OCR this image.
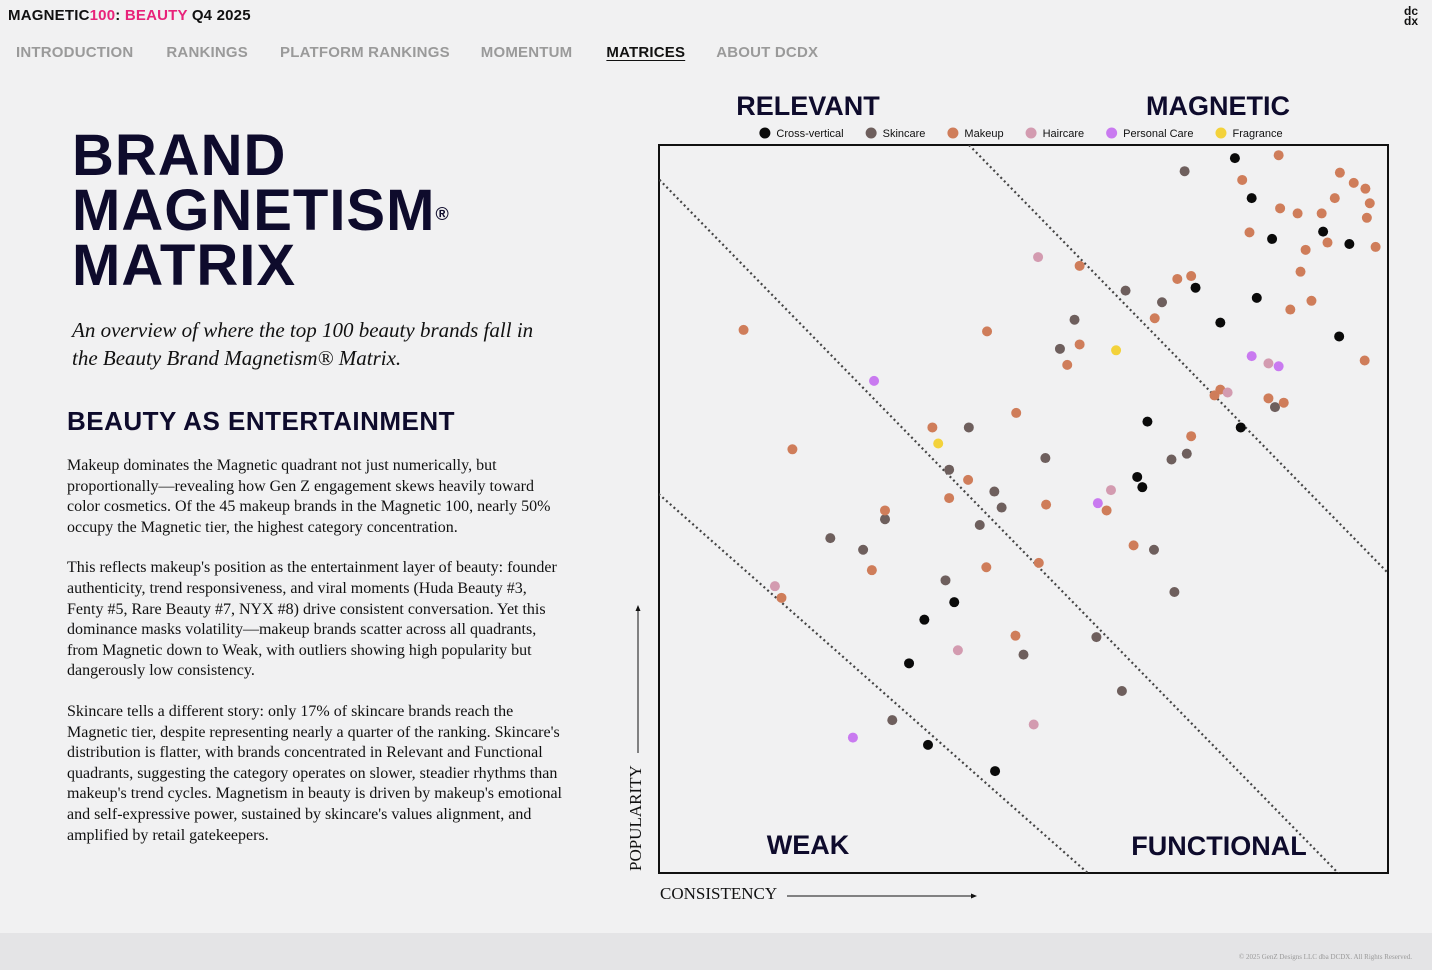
MAGNETIC100: BEAUTY Q4 2025	dc dx
INTRODUCTION RANKINGS PLATFORM RANKINGS MOMENTUM MATRICES ABOUT DCDX
BRAND
MAGNETISM®
MATRIX
An overview of where the top 100 beauty brands fall in the Beauty Brand Magnetism® Matrix.
BEAUTY AS ENTERTAINMENT

Makeup dominates the Magnetic quadrant not just numerically, but proportionally—revealing how Gen Z engagement skews heavily toward color cosmetics. Of the 45 makeup brands in the Magnetic 100, nearly 50% occupy the Magnetic tier, the highest category concentration.

This reflects makeup's position as the entertainment layer of beauty: founder authenticity, trend responsiveness, and viral moments (Huda Beauty #3, Fenty #5, Rare Beauty #7, NYX #8) drive consistent conversation. Yet this dominance masks volatility—makeup brands scatter across all quadrants, from Magnetic down to Weak, with outliers showing high popularity but dangerously low consistency.

Skincare tells a different story: only 17% of skincare brands reach the Magnetic tier, despite representing nearly a quarter of the ranking. Skincare's distribution is flatter, with brands concentrated in Relevant and Functional quadrants, suggesting the category operates on slower, steadier rhythms than makeup's trend cycles. Magnetism in beauty is driven by makeup's emotional and self-expressive power, sustained by skincare's values alignment, and amplified by retail gatekeepers.

Cross-vertical	Skincare	Makeup	Haircare	Personal Care	Fragrance
RELEVANT	MAGNETIC
WEAK	FUNCTIONAL
CONSISTENCY
POPULARITY
© 2025 GenZ Designs LLC dba DCDX. All Rights Reserved.
